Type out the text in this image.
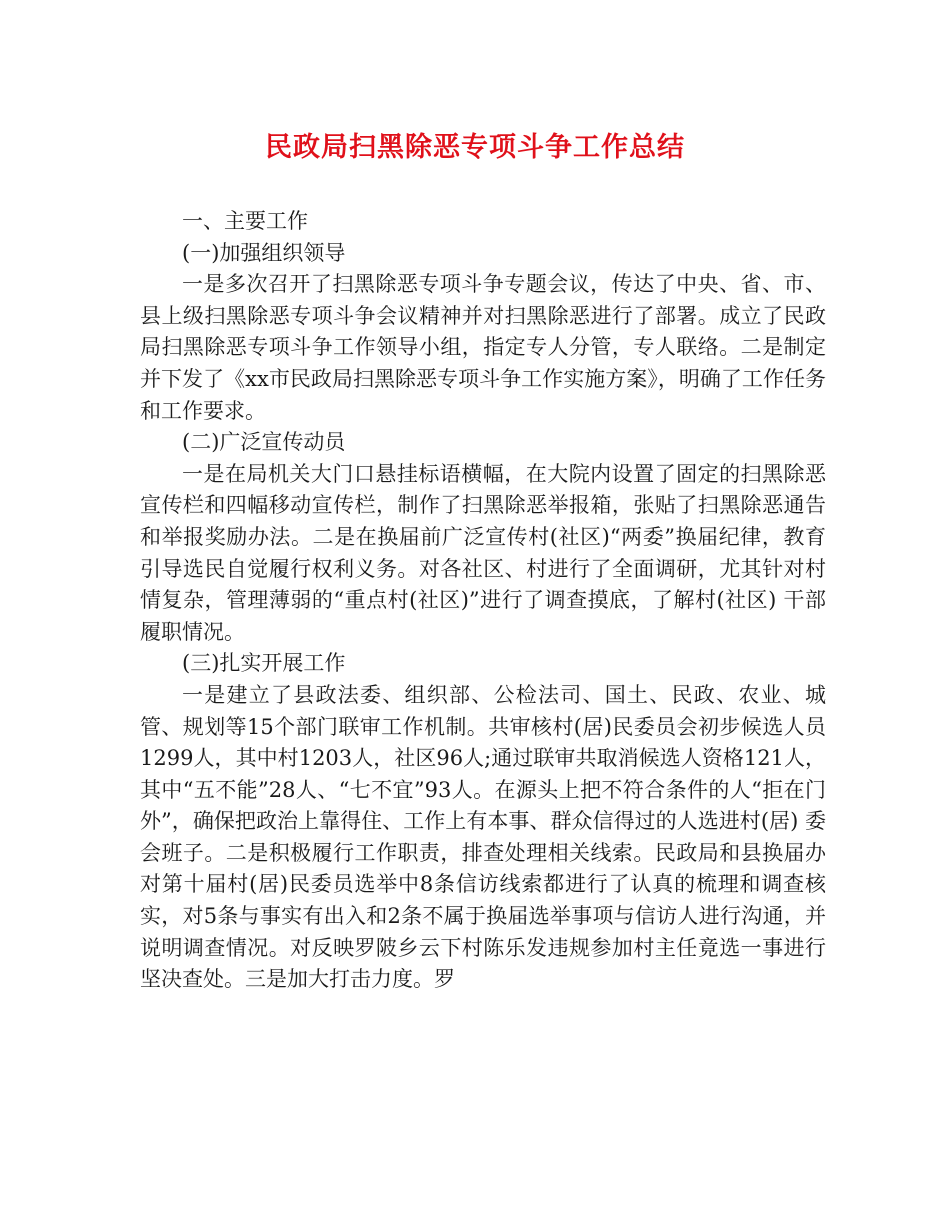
民政局扫黑除恶专项斗争工作总结

一、主要工作

(一)加强组织领导

一是多次召开了扫黑除恶专项斗争专题会议，传达了中央、省、市、县上级扫黑除恶专项斗争会议精神并对扫黑除恶进行了部署。成立了民政局扫黑除恶专项斗争工作领导小组，指定专人分管，专人联络。二是制定并下发了《xx市民政局扫黑除恶专项斗争工作实施方案》，明确了工作任务和工作要求。

(二)广泛宣传动员

一是在局机关大门口悬挂标语横幅，在大院内设置了固定的扫黑除恶宣传栏和四幅移动宣传栏，制作了扫黑除恶举报箱，张贴了扫黑除恶通告和举报奖励办法。二是在换届前广泛宣传村(社区)“两委”换届纪律，教育引导选民自觉履行权利义务。对各社区、村进行了全面调研，尤其针对村情复杂，管理薄弱的“重点村(社区)”进行了调查摸底，了解村(社区) 干部履职情况。

(三)扎实开展工作

一是建立了县政法委、组织部、公检法司、国土、民政、农业、城管、规划等15个部门联审工作机制。共审核村(居)民委员会初步候选人员1299人，其中村1203人，社区96人;通过联审共取消候选人资格121人，其中“五不能”28人、“七不宜”93人。在源头上把不符合条件的人“拒在门外”，确保把政治上靠得住、工作上有本事、群众信得过的人选进村(居) 委会班子。二是积极履行工作职责，排查处理相关线索。民政局和县换届办对第十届村(居)民委员选举中8条信访线索都进行了认真的梳理和调查核实，对5条与事实有出入和2条不属于换届选举事项与信访人进行沟通，并说明调查情况。对反映罗陂乡云下村陈乐发违规参加村主任竟选一事进行坚决查处。三是加大打击力度。罗
